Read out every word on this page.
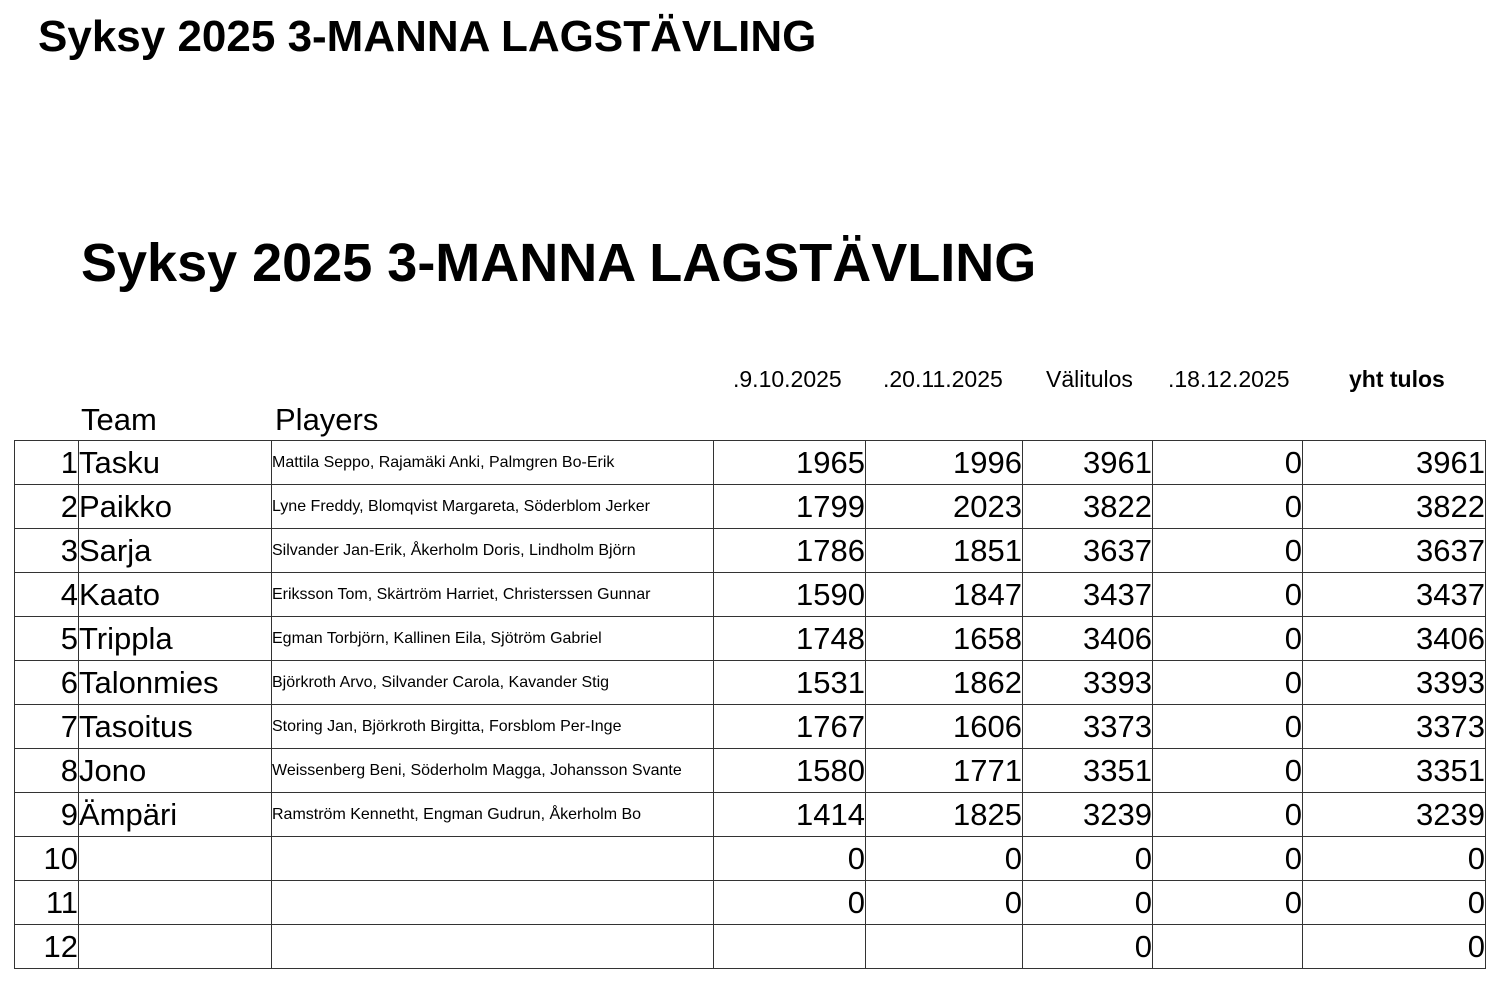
Syksy 2025 3-MANNA LAGSTÄVLING
Syksy 2025 3-MANNA LAGSTÄVLING
.9.10.2025 .20.11.2025 Välitulos .18.12.2025	yht tulos
Team	Players
1	Tasku	Mattila Seppo, Rajamäki Anki, Palmgren Bo-Erik	1965	1996	3961	0	3961
2	Paikko	Lyne Freddy, Blomqvist Margareta, Söderblom Jerker	1799	2023	3822	0	3822
3	Sarja	Silvander Jan-Erik, Åkerholm Doris, Lindholm Björn	1786	1851	3637	0	3637
4	Kaato	Eriksson Tom, Skärtröm Harriet, Christerssen Gunnar	1590	1847	3437	0	3437
5	Trippla	Egman Torbjörn, Kallinen Eila, Sjötröm Gabriel	1748	1658	3406	0	3406
6	Talonmies	Björkroth Arvo, Silvander Carola, Kavander Stig	1531	1862	3393	0	3393
7	Tasoitus	Storing Jan, Björkroth Birgitta, Forsblom Per-Inge	1767	1606	3373	0	3373
8	Jono	Weissenberg Beni, Söderholm Magga, Johansson Svante	1580	1771	3351	0	3351
9	Ämpäri	Ramström Kennetht, Engman Gudrun, Åkerholm Bo	1414	1825	3239	0	3239
10			0	0	0	0	0
11			0	0	0	0	0
12					0		0
